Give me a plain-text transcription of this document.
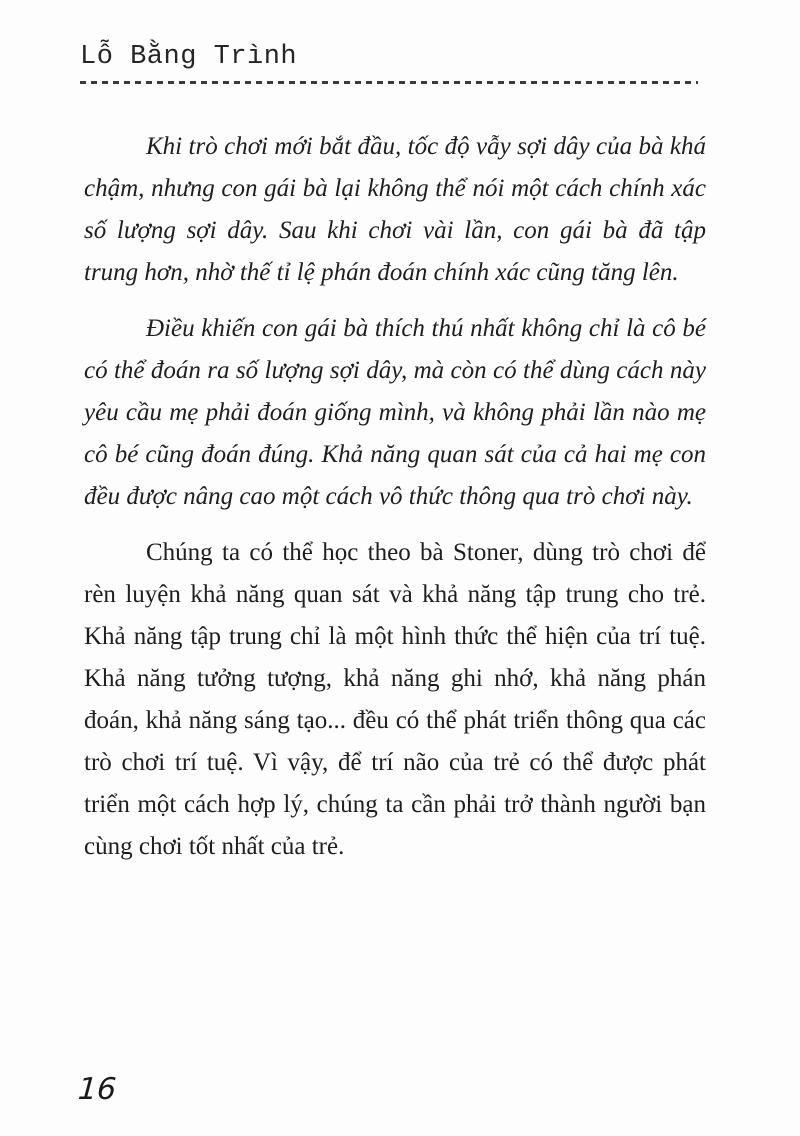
Lỗ Bằng Trình

Khi trò chơi mới bắt đầu, tốc độ vẫy sợi dây của bà khá chậm, nhưng con gái bà lại không thể nói một cách chính xác số lượng sợi dây. Sau khi chơi vài lần, con gái bà đã tập trung hơn, nhờ thế tỉ lệ phán đoán chính xác cũng tăng lên.

Điều khiến con gái bà thích thú nhất không chỉ là cô bé có thể đoán ra số lượng sợi dây, mà còn có thể dùng cách này yêu cầu mẹ phải đoán giống mình, và không phải lần nào mẹ cô bé cũng đoán đúng. Khả năng quan sát của cả hai mẹ con đều được nâng cao một cách vô thức thông qua trò chơi này.

Chúng ta có thể học theo bà Stoner, dùng trò chơi để rèn luyện khả năng quan sát và khả năng tập trung cho trẻ. Khả năng tập trung chỉ là một hình thức thể hiện của trí tuệ. Khả năng tưởng tượng, khả năng ghi nhớ, khả năng phán đoán, khả năng sáng tạo... đều có thể phát triển thông qua các trò chơi trí tuệ. Vì vậy, để trí não của trẻ có thể được phát triển một cách hợp lý, chúng ta cần phải trở thành người bạn cùng chơi tốt nhất của trẻ.

16
